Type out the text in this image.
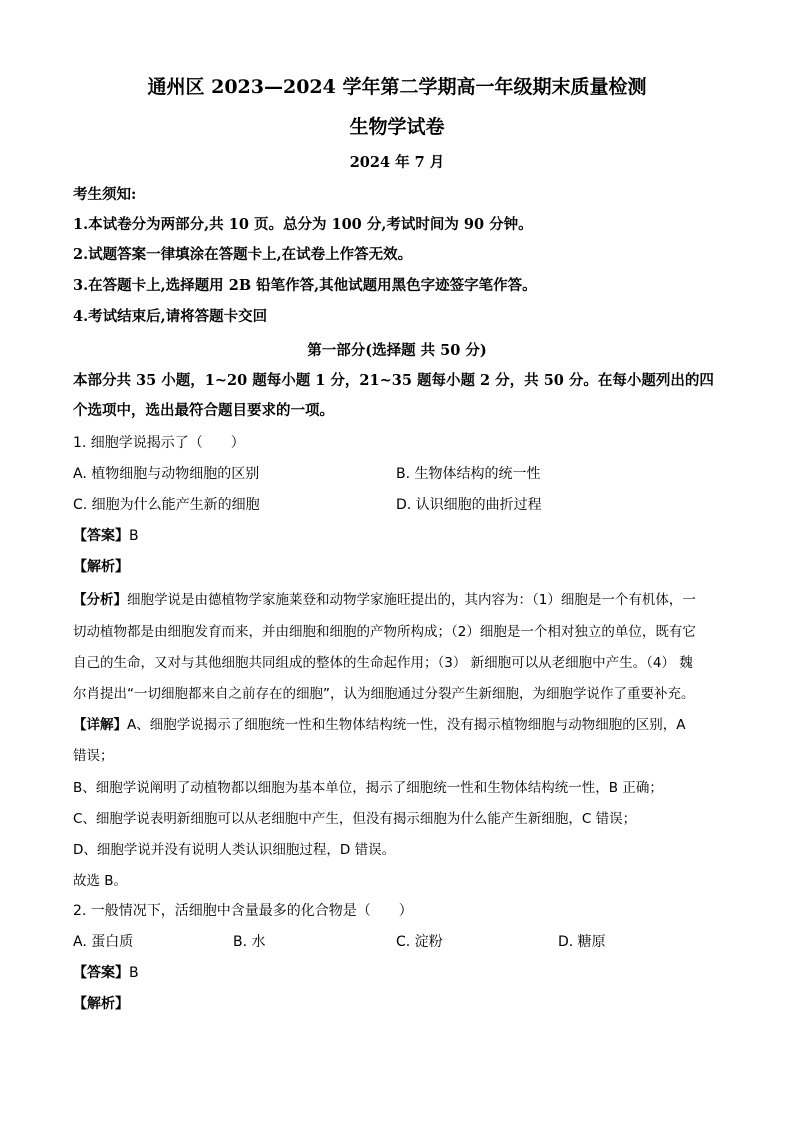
通州区 2023—2024 学年第二学期高一年级期末质量检测
生物学试卷
2024 年 7 月
考生须知:
1.本试卷分为两部分,共 10 页。总分为 100 分,考试时间为 90 分钟。
2.试题答案一律填涂在答题卡上,在试卷上作答无效。
3.在答题卡上,选择题用 2B 铅笔作答,其他试题用黑色字迹签字笔作答。
4.考试结束后,请将答题卡交回
第一部分(选择题 共 50 分)
本部分共 35 小题，1~20 题每小题 1 分，21~35 题每小题 2 分，共 50 分。在每小题列出的四
个选项中，选出最符合题目要求的一项。
1. 细胞学说揭示了（　　）
A. 植物细胞与动物细胞的区别	B. 生物体结构的统一性
C. 细胞为什么能产生新的细胞	D. 认识细胞的曲折过程
【答案】B
【解析】
【分析】细胞学说是由德植物学家施莱登和动物学家施旺提出的，其内容为：（1）细胞是一个有机体，一
切动植物都是由细胞发育而来，并由细胞和细胞的产物所构成；（2）细胞是一个相对独立的单位，既有它
自己的生命，又对与其他细胞共同组成的整体的生命起作用；（3） 新细胞可以从老细胞中产生。（4） 魏
尔肖提出“一切细胞都来自之前存在的细胞”，认为细胞通过分裂产生新细胞，为细胞学说作了重要补充。
【详解】A、细胞学说揭示了细胞统一性和生物体结构统一性，没有揭示植物细胞与动物细胞的区别，A
错误；
B、细胞学说阐明了动植物都以细胞为基本单位，揭示了细胞统一性和生物体结构统一性，B 正确；
C、细胞学说表明新细胞可以从老细胞中产生，但没有揭示细胞为什么能产生新细胞，C 错误；
D、细胞学说并没有说明人类认识细胞过程，D 错误。
故选 B。
2. 一般情况下，活细胞中含量最多的化合物是（　　）
A. 蛋白质	B. 水	C. 淀粉	D. 糖原
【答案】B
【解析】
